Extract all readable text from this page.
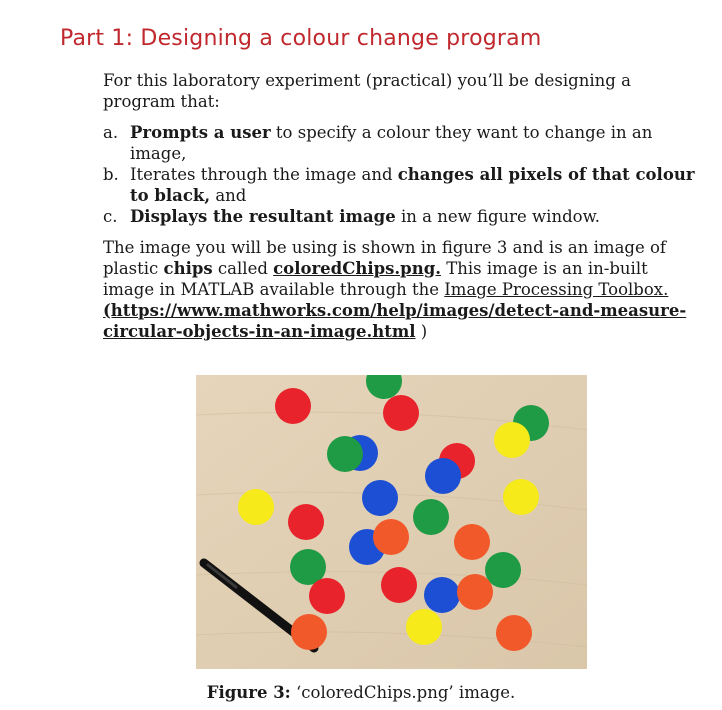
Part 1: Designing a colour change program

For this laboratory experiment (practical) you’ll be designing a program that:

a. Prompts a user to specify a colour they want to change in an image,
b. Iterates through the image and changes all pixels of that colour to black, and
c. Displays the resultant image in a new figure window.

The image you will be using is shown in figure 3 and is an image of plastic chips called coloredChips.png. This image is an in-built image in MATLAB available through the Image Processing Toolbox. (https://www.mathworks.com/help/images/detect-and-measure-circular-objects-in-an-image.html )

Figure 3: ‘coloredChips.png’ image.
